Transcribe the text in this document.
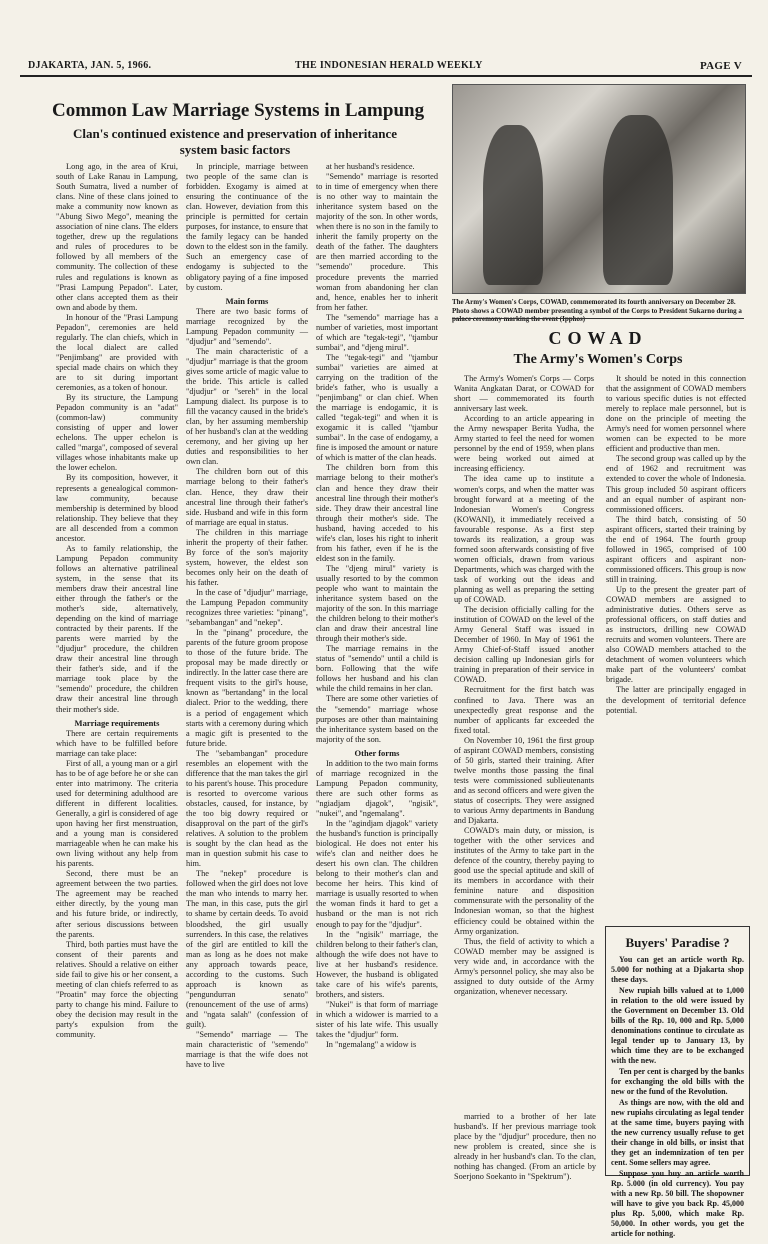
DJAKARTA, JAN. 5, 1966.	THE INDONESIAN HERALD WEEKLY	PAGE V
Common Law Marriage Systems in Lampung
Clan's continued existence and preservation of inheritance system basic factors

Long ago, in the area of Krui, south of Lake Ranau in Lampung, South Sumatra, lived a number of clans. Nine of these clans joined to make a community now known as "Abung Siwo Mego", meaning the association of nine clans. The elders together, drew up the regulations and rules of procedures to be followed by all members of the community. The collection of these rules and regulations is known as "Prasi Lampung Pepadon". Later, other clans accepted them as their own and abode by them.

In honour of the "Prasi Lampung Pepadon", ceremonies are held regularly. The clan chiefs, which in the local dialect are called "Penjimbang" are provided with special made chairs on which they are to sit during important ceremonies, as a token of honour.

By its structure, the Lampung Pepadon community is an "adat" (common-law) community consisting of upper and lower echelons. The upper echelon is called "marga", composed of several villages whose inhabitants make up the lower echelon.

By its composition, however, it represents a genealogical common-law community, because membership is determined by blood relationship. They believe that they are all descended from a common ancestor.

As to family relationship, the Lampung Pepadon community follows an alternative patrilineal system, in the sense that its members draw their ancestral line either through the father's or the mother's side, alternatively, depending on the kind of marriage contracted by their parents. If the parents were married by the "djudjur" procedure, the children draw their ancestral line through their father's side, and if the marriage took place by the "semendo" procedure, the children draw their ancestral line through their mother's side.

Marriage requirements

There are certain requirements which have to be fulfilled before marriage can take place:

First of all, a young man or a girl has to be of age before he or she can enter into matrimony. The criteria used for determining adulthood are different in different localities. Generally, a girl is considered of age upon having her first menstruation, and a young man is considered marriageable when he can make his own living without any help from his parents.

Second, there must be an agreement between the two parties. The agreement may be reached either directly, by the young man and his future bride, or indirectly, after serious discussions between the parents.

Third, both parties must have the consent of their parents and relatives. Should a relative on either side fail to give his or her consent, a meeting of clan chiefs referred to as "Proatin" may force the objecting party to change his mind. Failure to obey the decision may result in the party's expulsion from the community.

In principle, marriage between two people of the same clan is forbidden. Exogamy is aimed at ensuring the continuance of the clan. However, deviation from this principle is permitted for certain purposes, for instance, to ensure that the family legacy can be handed down to the eldest son in the family. Such an emergency case of endogamy is subjected to the obligatory paying of a fine imposed by custom.

Main forms

There are two basic forms of marriage recognized by the Lampung Pepadon community — "djudjur" and "semendo".

The main characteristic of a "djudjur" marriage is that the groom gives some article of magic value to the bride. This article is called "djudjur" or "sereh" in the local Lampung dialect. Its purpose is to fill the vacancy caused in the bride's clan, by her assuming membership of her husband's clan at the wedding ceremony, and her giving up her duties and responsibilities to her own clan.

The children born out of this marriage belong to their father's clan. Hence, they draw their ancestral line through their father's side. Husband and wife in this form of marriage are equal in status.

The children in this marriage inherit the property of their father. By force of the son's majority system, however, the eldest son becomes only heir on the death of his father.

In the case of "djudjur" marriage, the Lampung Pepadon community recognizes three varieties: "pinang", "sebambangan" and "nekep".

In the "pinang" procedure, the parents of the future groom propose to those of the future bride. The proposal may be made directly or indirectly. In the latter case there are frequent visits to the girl's house, known as "bertandang" in the local dialect. Prior to the wedding, there is a period of engagement which starts with a ceremony during which a magic gift is presented to the future bride.

The "sebambangan" procedure resembles an elopement with the difference that the man takes the girl to his parent's house. This procedure is resorted to overcome various obstacles, caused, for instance, by the too big dowry required or disapproval on the part of the girl's relatives. A solution to the problem is sought by the clan head as the man in question submit his case to him.

The "nekep" procedure is followed when the girl does not love the man who intends to marry her. The man, in this case, puts the girl to shame by certain deeds. To avoid bloodshed, the girl usually surrenders. In this case, the relatives of the girl are entitled to kill the man as long as he does not make any approach towards peace, according to the customs. Such approach is known as "pengundurran senato" (renouncement of the use of arms) and "ngata salah" (confession of guilt).

"Semendo" marriage — The main characteristic of "semendo" marriage is that the wife does not have to live

at her husband's residence.

"Semendo" marriage is resorted to in time of emergency when there is no other way to maintain the inheritance system based on the majority of the son. In other words, when there is no son in the family to inherit the family property on the death of the father. The daughters are then married according to the "semendo" procedure. This procedure prevents the married woman from abandoning her clan and, hence, enables her to inherit from her father.

The "semendo" marriage has a number of varieties, most important of which are "tegak-tegi", "tjambur sumbai", and "djeng mirul".

The "tegak-tegi" and "tjambur sumbai" varieties are aimed at carrying on the tradition of the bride's father, who is usually a "penjimbang" or clan chief. When the marriage is endogamic, it is called "tegak-tegi" and when it is exogamic it is called "tjambur sumbai". In the case of endogamy, a fine is imposed the amount or nature of which is matter of the clan heads.

The children born from this marriage belong to their mother's clan and hence they draw their ancestral line through their mother's side. They draw their ancestral line through their mother's side. The husband, having acceded to his wife's clan, loses his right to inherit from his father, even if he is the eldest son in the family.

The "djeng mirul" variety is usually resorted to by the common people who want to maintain the inheritance system based on the majority of the son. In this marriage the children belong to their mother's clan and draw their ancestral line through their mother's side.

The marriage remains in the status of "semendo" until a child is born. Following that the wife follows her husband and his clan while the child remains in her clan.

There are some other varieties of the "semendo" marriage whose purposes are other than maintaining the inheritance system based on the majority of the son.

Other forms

In addition to the two main forms of marriage recognized in the Lampung Pepadon community, there are such other forms as "ngiadjam djagok", "ngisik", "nukei", and "ngemalang".

In the "agindjam djagok" variety the husband's function is principally biological. He does not enter his wife's clan and neither does he desert his own clan. The children belong to their mother's clan and become her heirs. This kind of marriage is usually resorted to when the woman finds it hard to get a husband or the man is not rich enough to pay for the "djudjur".

In the "ngisik" marriage, the children belong to their father's clan, although the wife does not have to live at her husband's residence. However, the husband is obligated take care of his wife's parents, brothers, and sisters.

"Nukei" is that form of marriage in which a widower is married to a sister of his late wife. This usually takes the "djudjur" form.

In "ngemalang" a widow is

The Army's Women's Corps, COWAD, commemorated its fourth anniversary on December 28. Photo shows a COWAD member presenting a symbol of the Corps to President Sukarno during a palace ceremony marking the event (Ipphos)
COWAD
The Army's Women's Corps

The Army's Women's Corps — Corps Wanita Angkatan Darat, or COWAD for short — commemorated its fourth anniversary last week.

According to an article appearing in the Army newspaper Berita Yudha, the Army started to feel the need for women personnel by the end of 1959, when plans were being worked out aimed at increasing efficiency.

The idea came up to institute a women's corps, and when the matter was brought forward at a meeting of the Indonesian Women's Congress (KOWANI), it immediately received a favourable response. As a first step towards its realization, a group was formed soon afterwards consisting of five women officials, drawn from various Departments, which was charged with the task of working out the ideas and planning as well as preparing the setting up of COWAD.

The decision officially calling for the institution of COWAD on the level of the Army General Staff was issued in December of 1960. In May of 1961 the Army Chief-of-Staff issued another decision calling up Indonesian girls for training in preparation of their service in COWAD.

Recruitment for the first batch was confined to Java. There was an unexpectedly great response and the number of applicants far exceeded the fixed total.

On November 10, 1961 the first group of aspirant COWAD members, consisting of 50 girls, started their training. After twelve months those passing the final tests were commissioned sublieutenants and as second officers and were given the status of cosecripts. They were assigned to various Army departments in Bandung and Djakarta.

COWAD's main duty, or mission, is together with the other services and institutes of the Army to take part in the defence of the country, thereby paying to good use the special aptitude and skill of its members in accordance with their feminine nature and disposition commensurate with the personality of the Indonesian woman, so that the highest efficiency could be obtained within the Army organization.

Thus, the field of activity to which a COWAD member may be assigned is very wide and, in accordance with the Army's personnel policy, she may also be assigned to duty outside of the Army organization, whenever necessary.

It should be noted in this connection that the assignment of COWAD members to various specific duties is not effected merely to replace male personnel, but is done on the principle of meeting the Army's need for women personnel where women can be expected to be more efficient and productive than men.

The second group was called up by the end of 1962 and recruitment was extended to cover the whole of Indonesia. This group included 50 aspirant officers and an equal number of aspirant non-commissioned officers.

The third batch, consisting of 50 aspirant officers, started their training by the end of 1964. The fourth group followed in 1965, comprised of 100 aspirant officers and aspirant non-commissioned officers. This group is now still in training.

Up to the present the greater part of COWAD members are assigned to administrative duties. Others serve as professional officers, on staff duties and as instructors, drilling new COWAD recruits and women volunteers. There are also COWAD members attached to the detachment of women volunteers which make part of the volunteers' combat brigade.

The latter are principally engaged in the development of territorial defence potential.

married to a brother of her late husband's. If her previous marriage took place by the "djudjur" procedure, then no new problem is created, since she is already in her husband's clan. To the clan, nothing has changed. (From an article by Soerjono Soekanto in "Spektrum").

Buyers' Paradise ?

You can get an article worth Rp. 5.000 for nothing at a Djakarta shop these days.

New rupiah bills valued at to 1,000 in relation to the old were issued by the Government on December 13. Old bills of the Rp. 10, 000 and Rp. 5,000 denominations continue to circulate as legal tender up to January 13, by which time they are to be exchanged with the new.

Ten per cent is charged by the banks for exchanging the old bills with the new or the fund of the Revolution.

As things are now, with the old and new rupiahs circulating as legal tender at the same time, buyers paying with the new currency usually refuse to get their change in old bills, or insist that they get an indemnization of ten per cent. Some sellers may agree.

Suppose you buy an article worth Rp. 5.000 (in old currency). You pay with a new Rp. 50 bill. The shopowner will have to give you back Rp. 45,000 plus Rp. 5,000, which make Rp. 50,000. In other words, you get the article for nothing.
